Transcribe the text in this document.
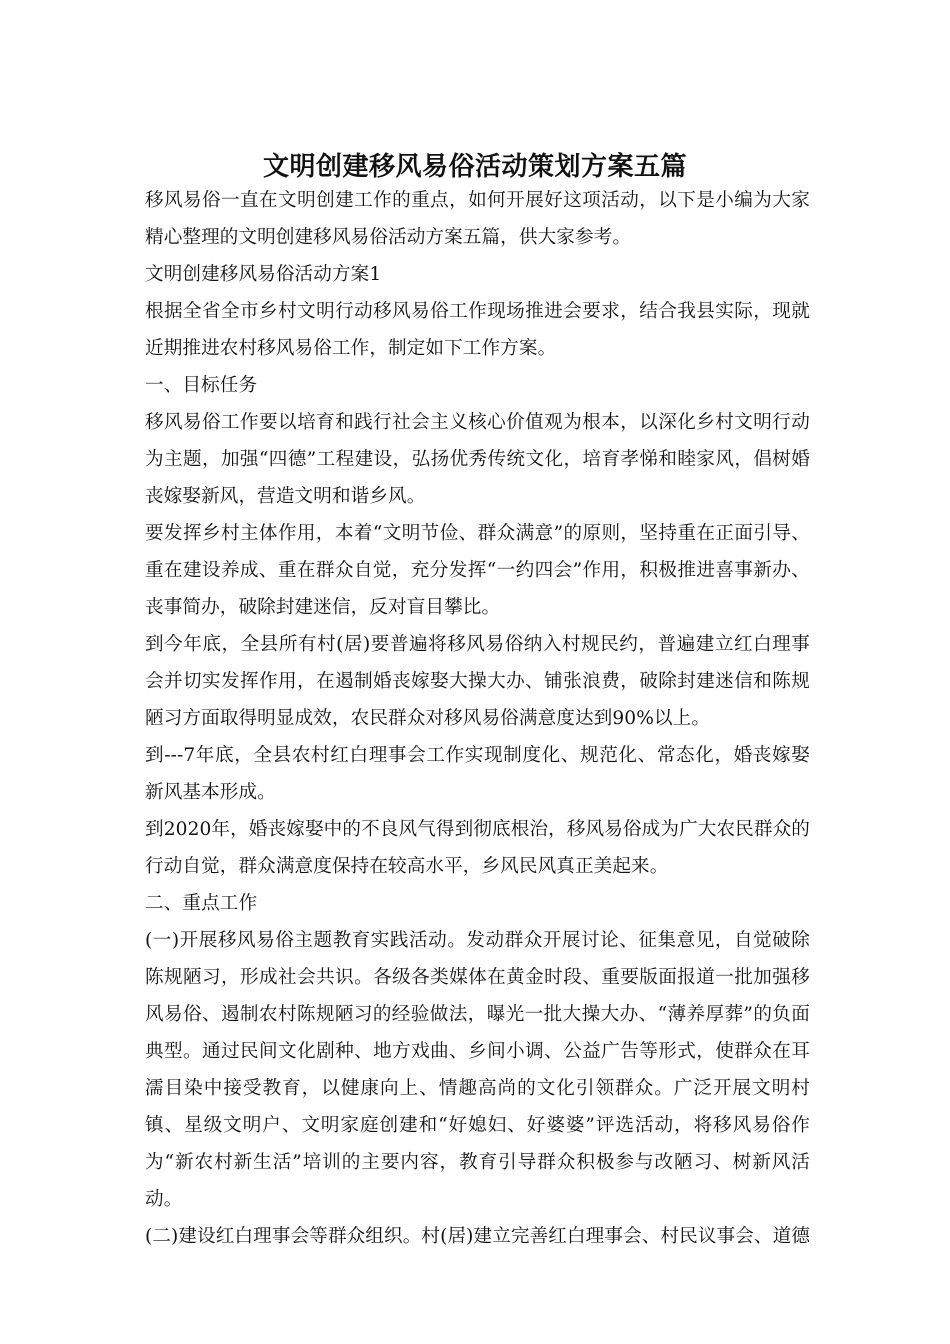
文明创建移风易俗活动策划方案五篇

移风易俗一直在文明创建工作的重点，如何开展好这项活动，以下是小编为大家精心整理的文明创建移风易俗活动方案五篇，供大家参考。

文明创建移风易俗活动方案1

根据全省全市乡村文明行动移风易俗工作现场推进会要求，结合我县实际，现就近期推进农村移风易俗工作，制定如下工作方案。

一、目标任务

移风易俗工作要以培育和践行社会主义核心价值观为根本，以深化乡村文明行动为主题，加强“四德”工程建设，弘扬优秀传统文化，培育孝悌和睦家风，倡树婚丧嫁娶新风，营造文明和谐乡风。

要发挥乡村主体作用，本着“文明节俭、群众满意”的原则，坚持重在正面引导、重在建设养成、重在群众自觉，充分发挥“一约四会”作用，积极推进喜事新办、丧事简办，破除封建迷信，反对盲目攀比。

到今年底，全县所有村(居)要普遍将移风易俗纳入村规民约，普遍建立红白理事会并切实发挥作用，在遏制婚丧嫁娶大操大办、铺张浪费，破除封建迷信和陈规陋习方面取得明显成效，农民群众对移风易俗满意度达到90%以上。

到---7年底，全县农村红白理事会工作实现制度化、规范化、常态化，婚丧嫁娶新风基本形成。

到2020年，婚丧嫁娶中的不良风气得到彻底根治，移风易俗成为广大农民群众的行动自觉，群众满意度保持在较高水平，乡风民风真正美起来。

二、重点工作

(一)开展移风易俗主题教育实践活动。发动群众开展讨论、征集意见，自觉破除陈规陋习，形成社会共识。各级各类媒体在黄金时段、重要版面报道一批加强移风易俗、遏制农村陈规陋习的经验做法，曝光一批大操大办、“薄养厚葬”的负面典型。通过民间文化剧种、地方戏曲、乡间小调、公益广告等形式，使群众在耳濡目染中接受教育，以健康向上、情趣高尚的文化引领群众。广泛开展文明村镇、星级文明户、文明家庭创建和“好媳妇、好婆婆”评选活动，将移风易俗作为“新农村新生活”培训的主要内容，教育引导群众积极参与改陋习、树新风活动。

(二)建设红白理事会等群众组织。村(居)建立完善红白理事会、村民议事会、道德
